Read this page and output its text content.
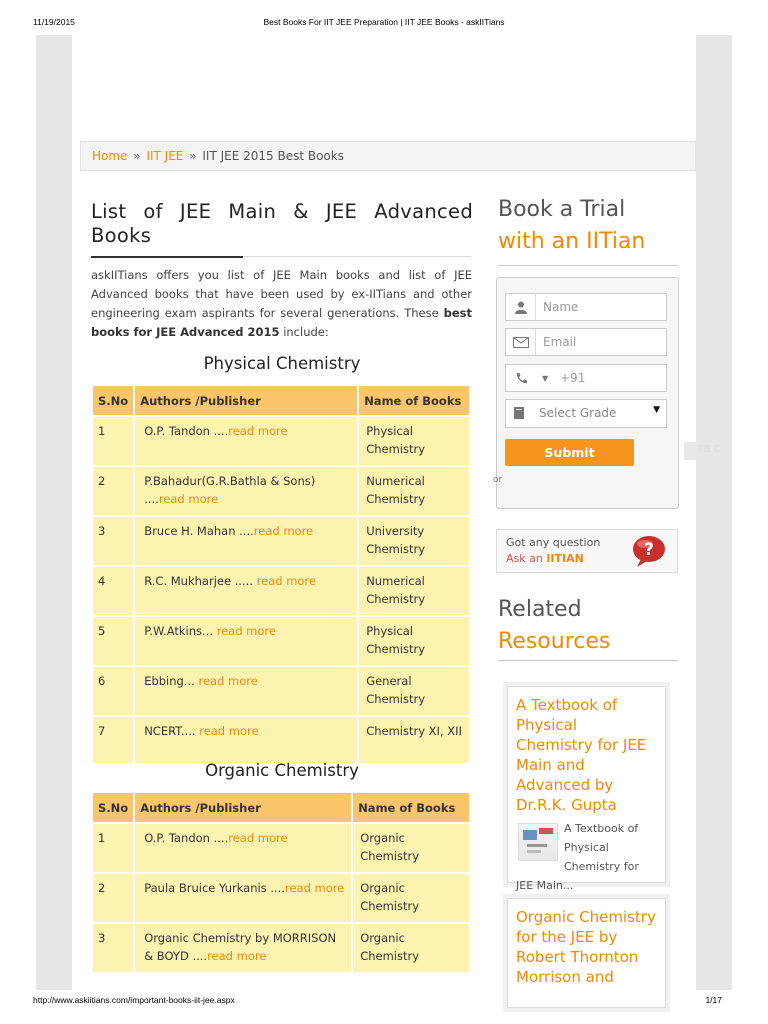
11/19/2015	Best Books For IIT JEE Preparation | IIT JEE Books - askIITians
Home » IIT JEE » IIT JEE 2015 Best Books
List of JEE Main & JEE Advanced Books

askIITians offers you list of JEE Main books and list of JEE Advanced books that have been used by ex-IITians and other engineering exam aspirants for several generations. These best books for JEE Advanced 2015 include:

Physical Chemistry
S.No	Authors /Publisher	Name of Books
1	O.P. Tandon ....read more	Physical Chemistry
2	P.Bahadur(G.R.Bathla & Sons) ....read more	Numerical Chemistry
3	Bruce H. Mahan ....read more	University Chemistry
4	R.C. Mukharjee ..... read more	Numerical Chemistry
5	P.W.Atkins... read more	Physical Chemistry
6	Ebbing... read more	General Chemistry
7	NCERT.... read more	Chemistry XI, XII
Organic Chemistry
S.No	Authors /Publisher	Name of Books
1	O.P. Tandon ....read more	Organic Chemistry
2	Paula Bruice Yurkanis ....read more	Organic Chemistry
3	Organic Chemistry by MORRISON & BOYD ....read more	Organic Chemistry
Book a Trial
with an IITian
Name
Email
▼ +91
Select Grade	▼
Submit
or
FB C
Got any question
Ask an IITIAN	?
Related
Resources
A Textbook of Physical Chemistry for JEE Main and Advanced by Dr.R.K. Gupta
A Textbook of Physical Chemistry for JEE Main...
Organic Chemistry for the JEE by Robert Thornton Morrison and
http://www.askiitians.com/important-books-iit-jee.aspx	1/17
